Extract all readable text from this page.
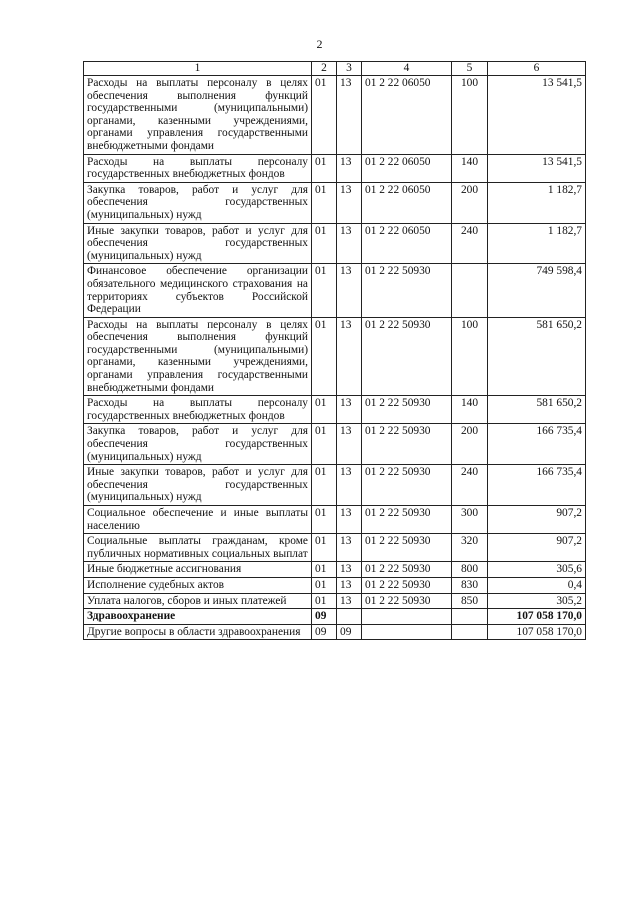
2
1	2	3	4	5	6
Расходы на выплаты персоналу в целях обеспечения выполнения функций государственными (муниципальными) органами, казенными учреждениями, органами управления государственными внебюджетными фондами	01	13	01 2 22 06050	100	13 541,5
Расходы на выплаты персоналу государственных внебюджетных фондов	01	13	01 2 22 06050	140	13 541,5
Закупка товаров, работ и услуг для обеспечения государственных (муниципальных) нужд	01	13	01 2 22 06050	200	1 182,7
Иные закупки товаров, работ и услуг для обеспечения государственных (муниципальных) нужд	01	13	01 2 22 06050	240	1 182,7
Финансовое обеспечение организации обязательного медицинского страхования на территориях субъектов Российской Федерации	01	13	01 2 22 50930		749 598,4
Расходы на выплаты персоналу в целях обеспечения выполнения функций государственными (муниципальными) органами, казенными учреждениями, органами управления государственными внебюджетными фондами	01	13	01 2 22 50930	100	581 650,2
Расходы на выплаты персоналу государственных внебюджетных фондов	01	13	01 2 22 50930	140	581 650,2
Закупка товаров, работ и услуг для обеспечения государственных (муниципальных) нужд	01	13	01 2 22 50930	200	166 735,4
Иные закупки товаров, работ и услуг для обеспечения государственных (муниципальных) нужд	01	13	01 2 22 50930	240	166 735,4
Социальное обеспечение и иные выплаты населению	01	13	01 2 22 50930	300	907,2
Социальные выплаты гражданам, кроме публичных нормативных социальных выплат	01	13	01 2 22 50930	320	907,2
Иные бюджетные ассигнования	01	13	01 2 22 50930	800	305,6
Исполнение судебных актов	01	13	01 2 22 50930	830	0,4
Уплата налогов, сборов и иных платежей	01	13	01 2 22 50930	850	305,2
Здравоохранение	09				107 058 170,0
Другие вопросы в области здравоохранения	09	09			107 058 170,0
